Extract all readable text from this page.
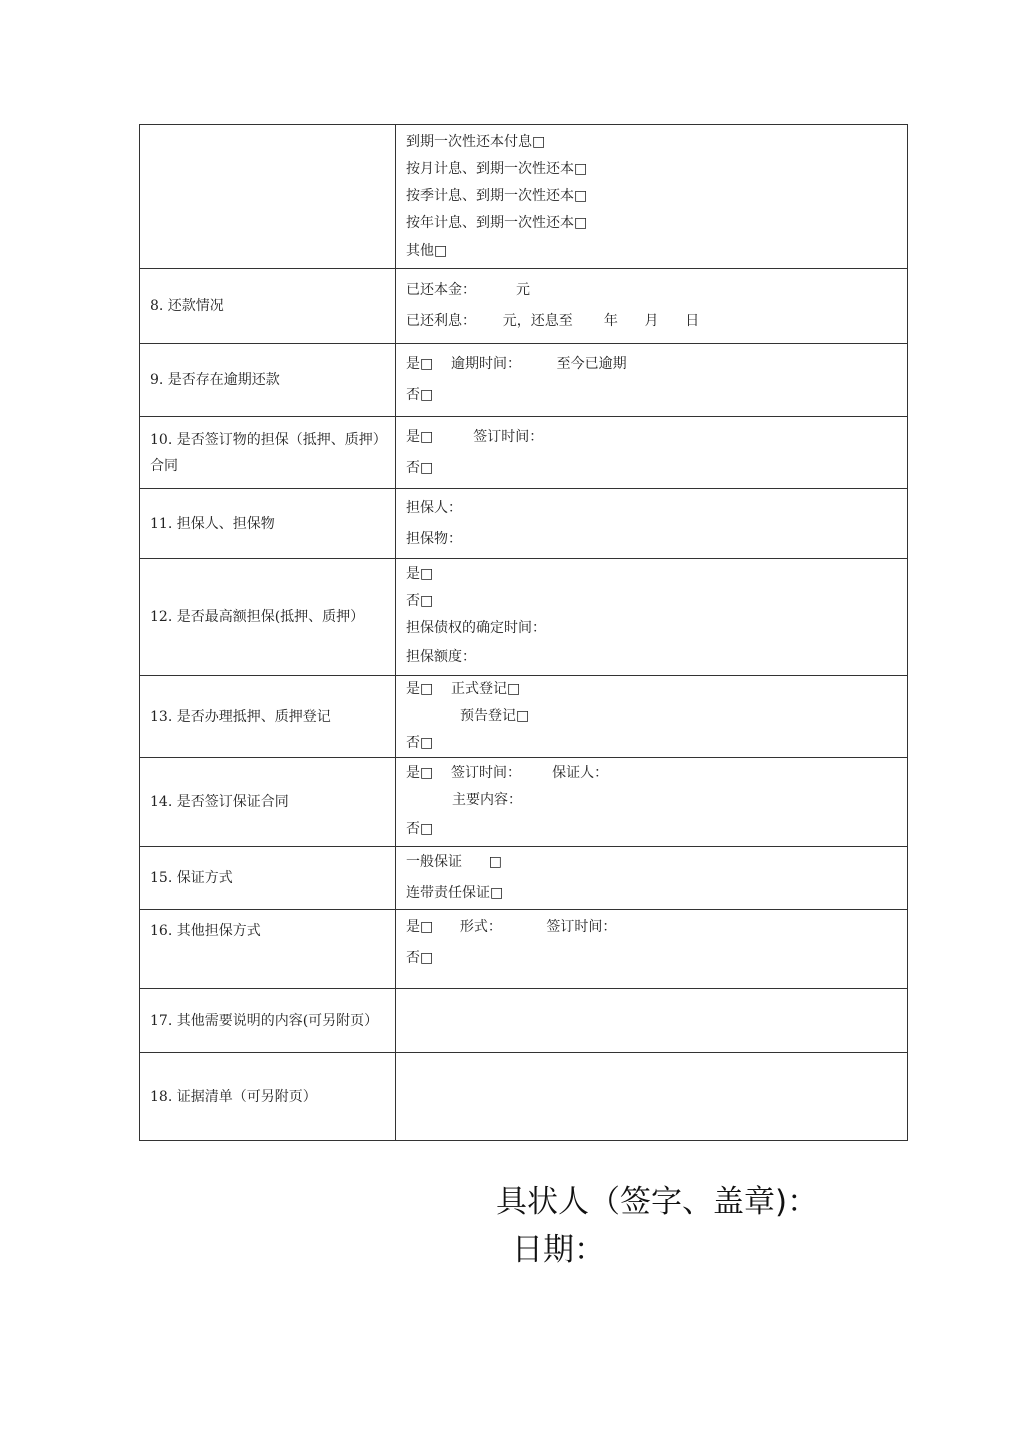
	到期一次性还本付息□
按月计息、到期一次性还本□
按季计息、到期一次性还本□
按年计息、到期一次性还本□
其他□

8. 还款情况	已还本金：         元
已还利息：      元，还息至       年      月      日

9. 是否存在逾期还款	是□    逾期时间：        至今已逾期
否□

10. 是否签订物的担保（抵押、质押）合同	是□         签订时间：
否□

11. 担保人、担保物	担保人：
担保物：

12. 是否最高额担保(抵押、质押）	是□
否□
担保债权的确定时间：
担保额度：

13. 是否办理抵押、质押登记	是□    正式登记□
预告登记□
否□

14. 是否签订保证合同	是□    签订时间：       保证人：
主要内容：
否□

15. 保证方式	一般保证      □
连带责任保证□

16. 其他担保方式	是□      形式：          签订时间：
否□

17. 其他需要说明的内容(可另附页）	
18. 证据清单（可另附页）	
具状人（签字、盖章)：
日期：
